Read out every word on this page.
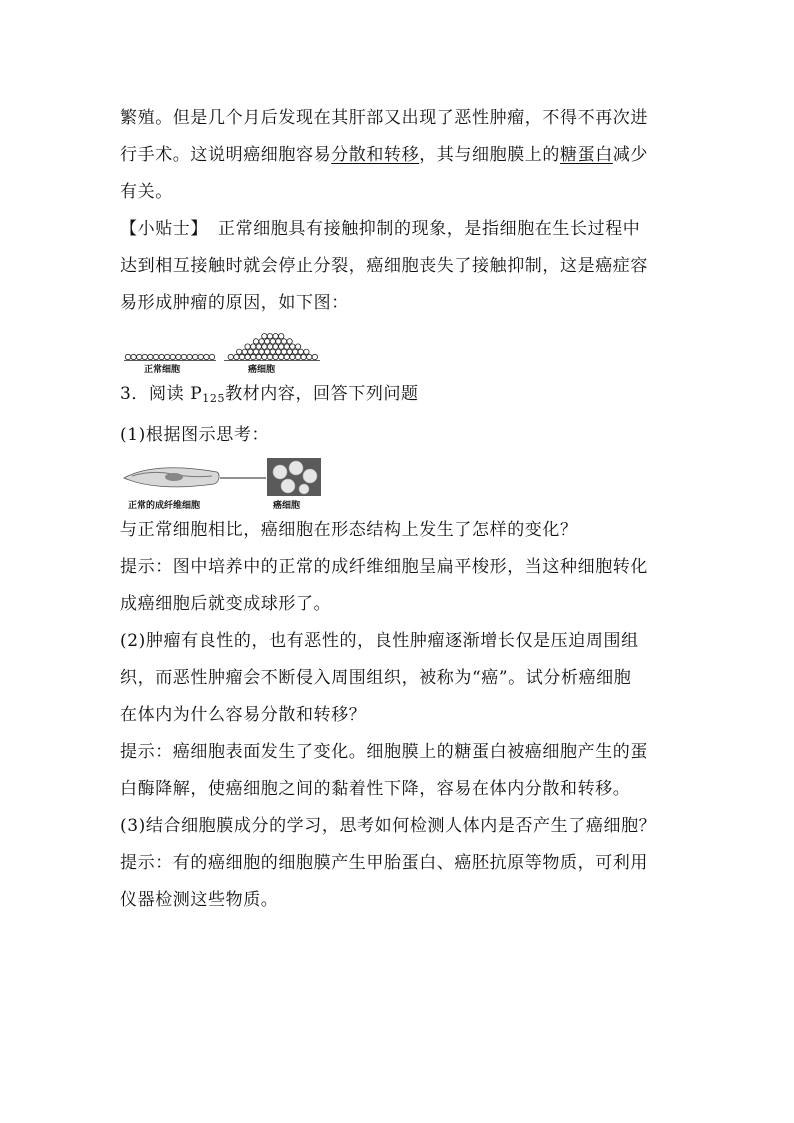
繁殖。但是几个月后发现在其肝部又出现了恶性肿瘤，不得不再次进

行手术。这说明癌细胞容易分散和转移，其与细胞膜上的糖蛋白减少

有关。

【小贴士】 正常细胞具有接触抑制的现象，是指细胞在生长过程中

达到相互接触时就会停止分裂，癌细胞丧失了接触抑制，这是癌症容

易形成肿瘤的原因，如下图：

正常细胞	癌细胞

3．阅读 $P_{125}$教材内容，回答下列问题

(1)根据图示思考：

正常的成纤维细胞	癌细胞

与正常细胞相比，癌细胞在形态结构上发生了怎样的变化？

提示：图中培养中的正常的成纤维细胞呈扁平梭形，当这种细胞转化

成癌细胞后就变成球形了。

(2)肿瘤有良性的，也有恶性的，良性肿瘤逐渐增长仅是压迫周围组

织，而恶性肿瘤会不断侵入周围组织，被称为“癌”。试分析癌细胞

在体内为什么容易分散和转移？

提示：癌细胞表面发生了变化。细胞膜上的糖蛋白被癌细胞产生的蛋

白酶降解，使癌细胞之间的黏着性下降，容易在体内分散和转移。

(3)结合细胞膜成分的学习，思考如何检测人体内是否产生了癌细胞？

提示：有的癌细胞的细胞膜产生甲胎蛋白、癌胚抗原等物质，可利用

仪器检测这些物质。
